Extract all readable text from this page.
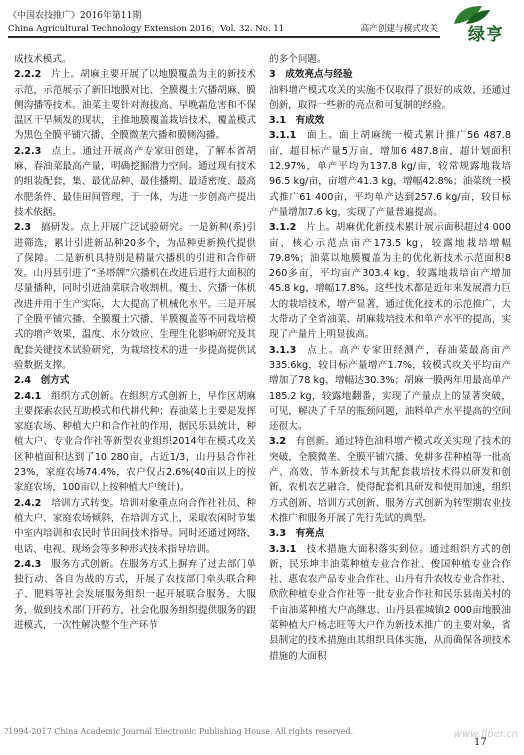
《中国农技推广》2016年第11期
China Agricultural Technology Extension 2016，Vol. 32. No. 11	高产创建与模式攻关 绿亨

成技术模式。

2.2.2  片上。胡麻主要开展了以地膜覆盖为主的新技术示范，示范展示了新旧地膜对比、全膜覆土穴播胡麻、膜侧沟播等技术。油菜主要针对海拔高、早晚霜危害和不保温区干旱频发的现状，主推地膜覆盖栽培技术，覆盖模式为黑色全膜平铺穴播、全膜微垄穴播和膜侧沟播。

2.2.3  点上。通过开展高产专家田创建，了解本省胡麻、春油菜最高产量，明确挖掘潜力空间。通过现有技术的组装配套，集、最优品种、最佳播期、最适密度、最高水肥条件、最佳田间管理，于一体，为进一步创高产提出技术依据。

2.3  搞研发。点上开展广泛试验研究。一是新种(系)引进筛选，累计引进新品种20多个，为品种更新换代提供了保障。二是新机具特别是精量穴播机的引进和合作研发。山丹县引进了“圣塔牌”穴播机在改进后进行大面积的尽量播种，同时引进油菜联合收割机、覆土、穴播一体机改进并用于生产实际，大大提高了机械化水平。三是开展了全膜平铺穴播、全膜覆土穴播、半膜覆盖等不同栽培模式的增产效果，温度、水分效应、生理生化影响研究及其配套关键技术试验研究，为栽培技术的进一步提高提供试验数据支撑。

2.4  创方式

2.4.1  组织方式创新。在组织方式创新上，早作区胡麻主要探索农民互助模式和代耕代种；春油菜上主要是发挥家庭农场、种植大户和合作社的作用，据民乐县统计，种植大户、专业合作社等新型农业组织2014年在模式攻关区种植面积达到了10 280亩，占近1/3，山丹县合作社23%，家庭农场74.4%，农户仅占2.6%(40亩以上的按家庭农场，100亩以上按种植大户统计)。

2.4.2  培训方式转变。培训对象重点向合作社社员、种植大户、家庭农场倾斜，在培训方式上，采取农闲时节集中室内培训和农民时节田间技术指导。同时还通过网络、电话、电视、现场会等多种形式技术指导培训。

2.4.3  服务方式创新。在服务方式上摒弃了过去部门单独行动、各自为战的方式，开展了农技部门牵头联合种子、肥料等社会发展服务组织一起开展联合服务，大服务，做到技术部门开药方，社会化服务组织提供服务的跟进模式，一次性解决整个生产环节

的多个问题。

3  成效亮点与经验

油料增产模式攻关的实施不仅取得了很好的成效，还通过创新，取得一些新的亮点和可复制的经验。

3.1  有成效

3.1.1  面上。面上胡麻统一模式累计推广56 487.8亩，超目标产量5万亩，增加6 487.8亩，超计划面积12.97%，单产平均为137.8 kg/亩，较常规露地栽培96.5 kg/亩，亩增产41.3 kg，增幅42.8%；油菜统一模式推广61 400亩，平均单产达到257.6 kg/亩，较目标产量增加7.6 kg，实现了产量普遍提高。

3.1.2  片上。胡麻优化新技术累计展示面积超过4 000亩，核心示范点亩产173.5 kg，较露地栽培增幅79.8%；油菜以地膜覆盖为主的优化新技术示范面积8 260多亩，平均亩产303.4 kg，较露地栽培亩产增加45.8 kg，增幅17.8%。这些技术都是近年来发展潜力巨大的栽培技术，增产显著，通过优化技术的示范推广，大大带动了全省油菜、胡麻栽培技术和单产水平的提高，实现了产量片上明显拔高。

3.1.3  点上。高产专家田经测产，春油菜最高亩产335.6kg，较目标产量增产1.7%，较模式攻关平均亩产增加了78 kg，增幅达30.3%；胡麻一膜两年用最高单产185.2 kg，较露地翻番，实现了产量点上的显著突破，可见，解决了千旱的瓶颈问题，油料单产水平提高的空间还很大。

3.2  有创新。通过特色油料增产模式攻关实现了技术的突破，全膜微垄、全膜平铺穴播、免耕多茬种植等一批高产、高效、节本新技术与其配套栽培技术得以研发和创新，农机农艺融合，使得配套机具研发和使用加速，组织方式创新、培训方式创新、服务方式创新为转型期农业技术推广和服务开展了先行先试的典型。

3.3  有亮点

3.3.1  技术措施大面积落实到位。通过组织方式的创新，民乐坤丰油菜种植专业合作社、俊国种植专业合作社、惠农农产品专业合作社、山丹有升农牧专业合作社、欣欣种植专业合作社等一批专业合作社和民乐县南关村的千亩油菜种植大户高继忠、山丹县霍城镇2 000亩地膜油菜种植大户杨志旺等大户作为新技术推广的主要对象，省县制定的技术措施由其组织具体实施，从而确保各项技术措施的大面积

?1994-2017 China Academic Journal Electronic Publishing House. All rights reserved.	www.fiber.cn
17
